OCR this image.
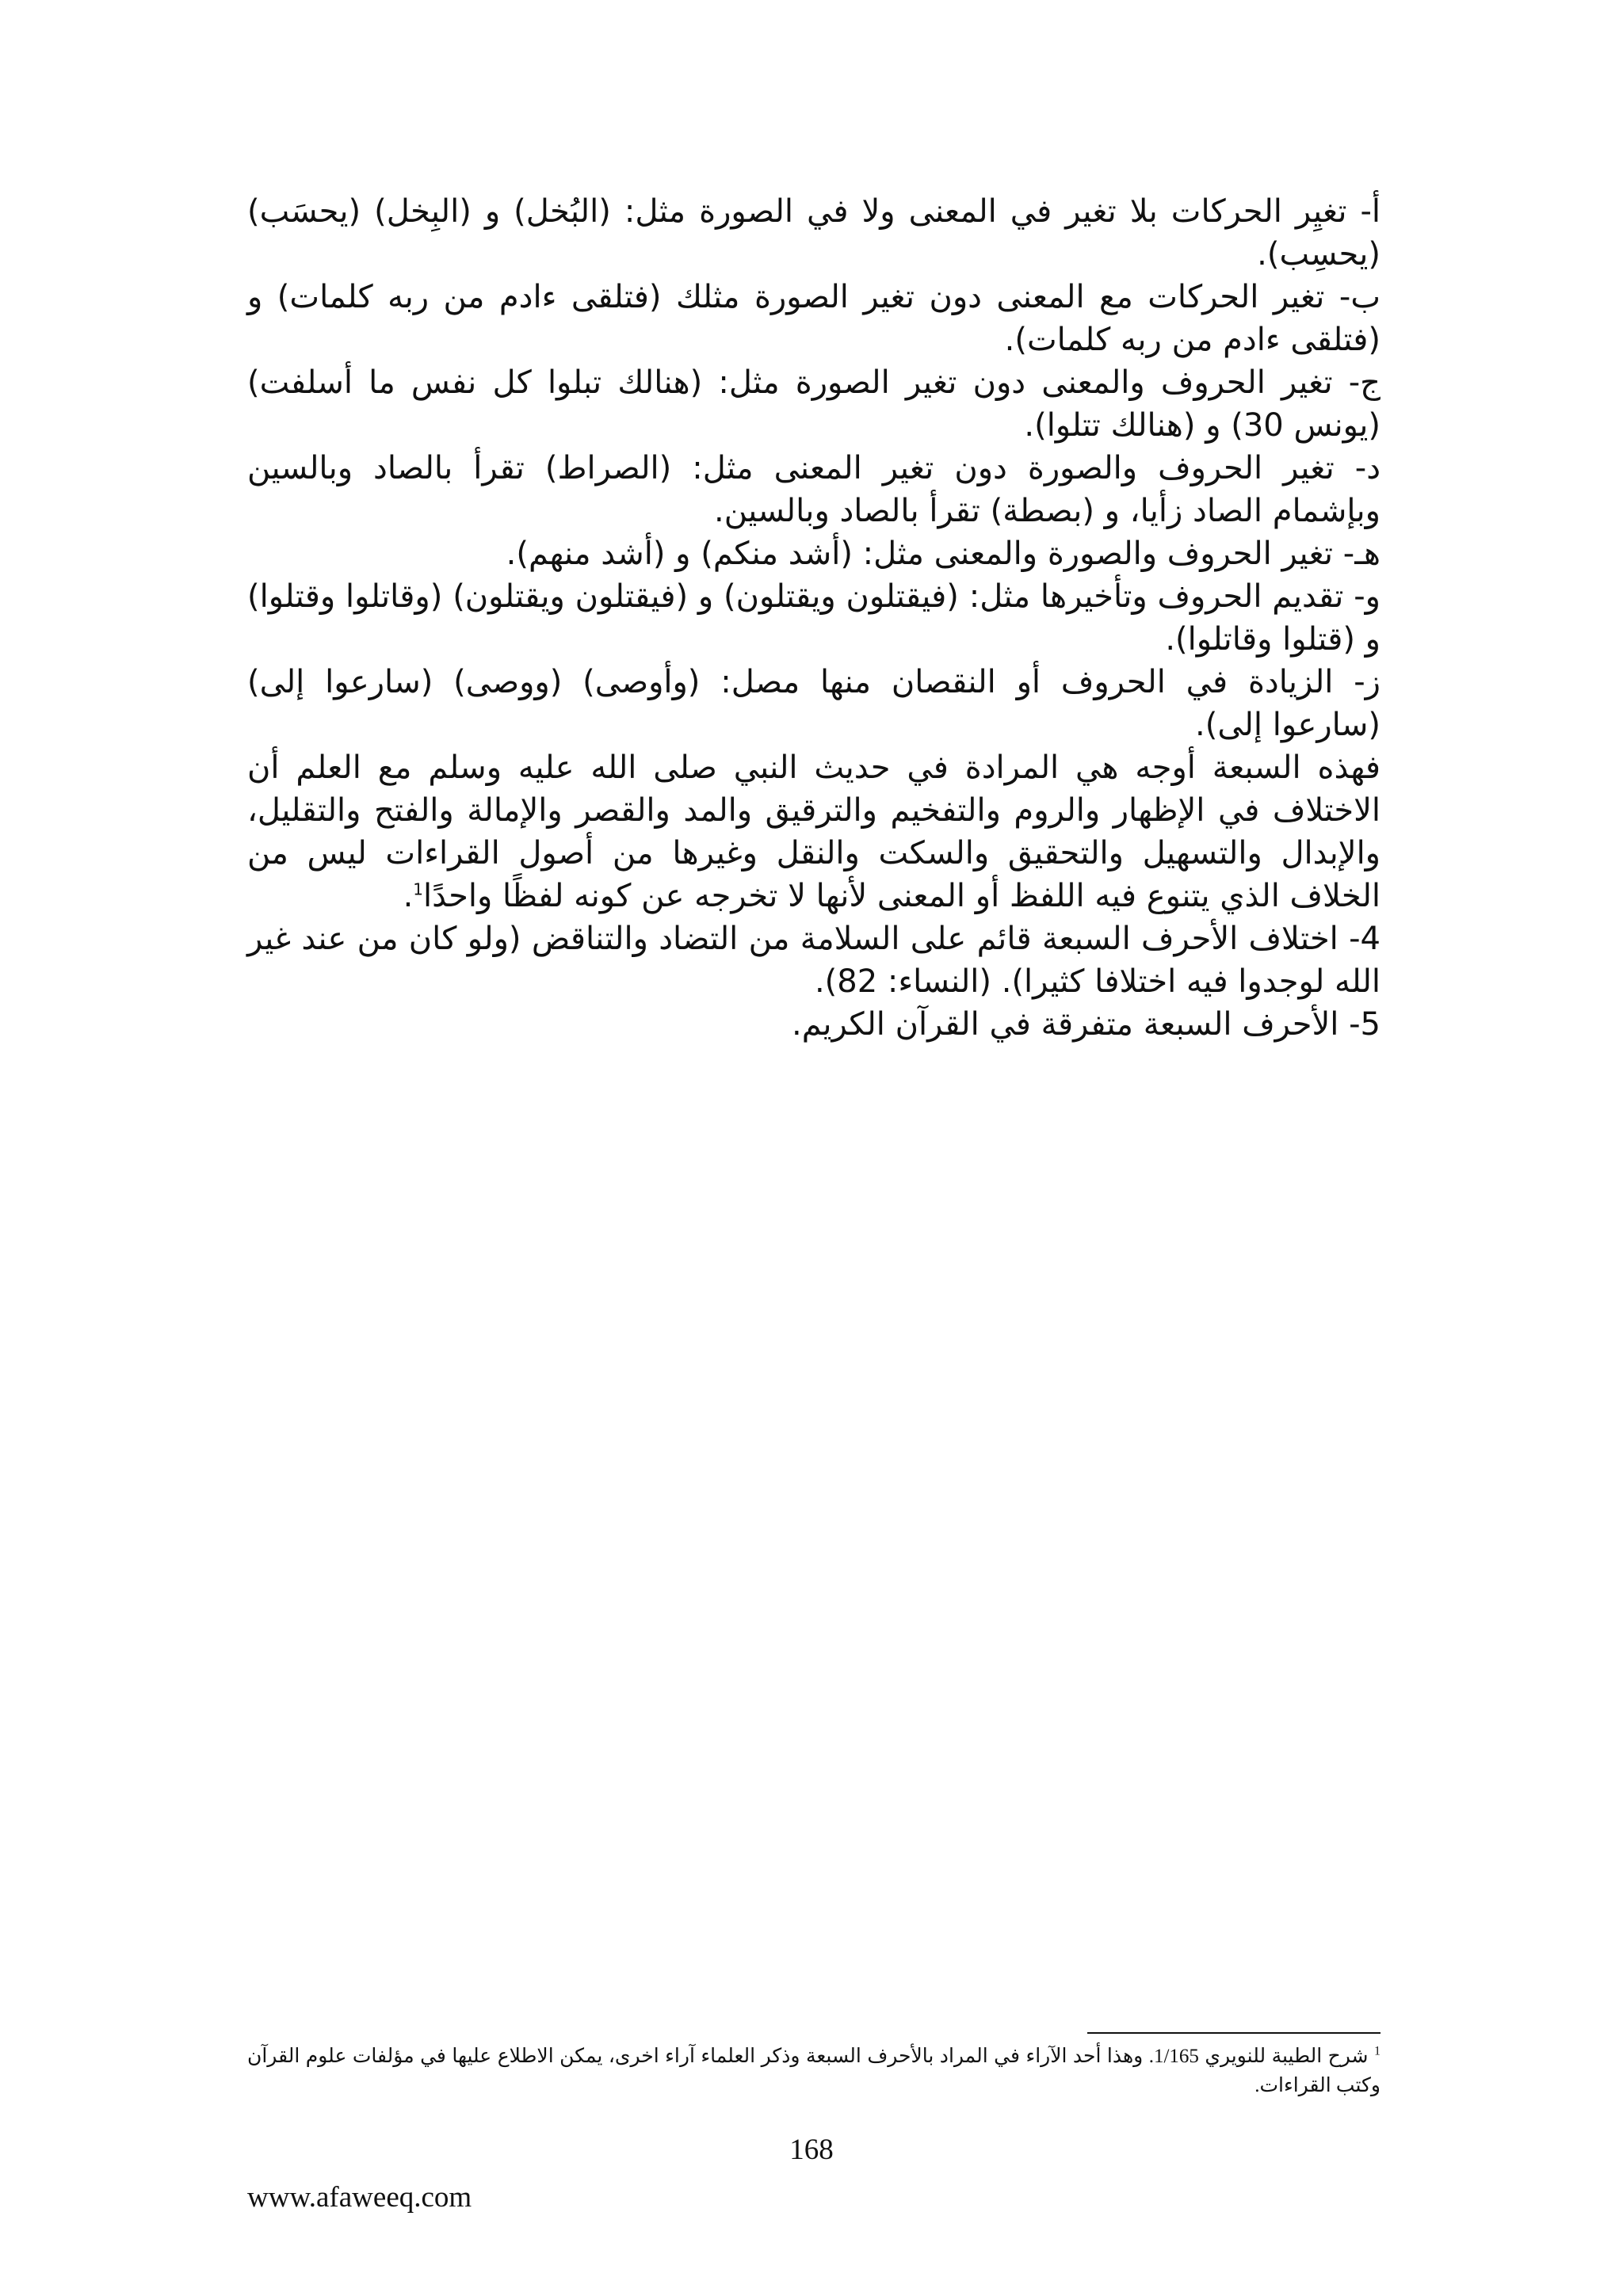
أ- تغيِر الحركات بلا تغير في المعنى ولا في الصورة مثل: (البُخل) و (البِخل) (يحسَب) (يحسِب).

ب- تغير الحركات مع المعنى دون تغير الصورة مثلك (فتلقى ءادم من ربه كلمات) و (فتلقى ءادم من ربه كلمات).

ج- تغير الحروف والمعنى دون تغير الصورة مثل: (هنالك تبلوا كل نفس ما أسلفت) (يونس 30) و (هنالك تتلوا).

د- تغير الحروف والصورة دون تغير المعنى مثل: (الصراط) تقرأ بالصاد وبالسين وبإشمام الصاد زأيا، و (بصطة) تقرأ بالصاد وبالسين.

هـ- تغير الحروف والصورة والمعنى مثل: (أشد منكم) و (أشد منهم).

و- تقديم الحروف وتأخيرها مثل: (فيقتلون ويقتلون) و (فيقتلون ويقتلون) (وقاتلوا وقتلوا) و (قتلوا وقاتلوا).

ز- الزيادة في الحروف أو النقصان منها مصل: (وأوصى) (ووصى) (سارعوا إلى) (سارعوا إلى).

فهذه السبعة أوجه هي المرادة في حديث النبي صلى الله عليه وسلم مع العلم أن الاختلاف في الإظهار والروم والتفخيم والترقيق والمد والقصر والإمالة والفتح والتقليل، والإبدال والتسهيل والتحقيق والسكت والنقل وغيرها من أصول القراءات ليس من الخلاف الذي يتنوع فيه اللفظ أو المعنى لأنها لا تخرجه عن كونه لفظًا واحدًا$^1$.

4- اختلاف الأحرف السبعة قائم على السلامة من التضاد والتناقض (ولو كان من عند غير الله لوجدوا فيه اختلافا كثيرا). (النساء: 82).

5- الأحرف السبعة متفرقة في القرآن الكريم.

$^1$ شرح الطيبة للنويري 1/165. وهذا أحد الآراء في المراد بالأحرف السبعة وذكر العلماء آراء اخرى، يمكن الاطلاع عليها في مؤلفات علوم القرآن وكتب القراءات.
168
www.afaweeq.com
